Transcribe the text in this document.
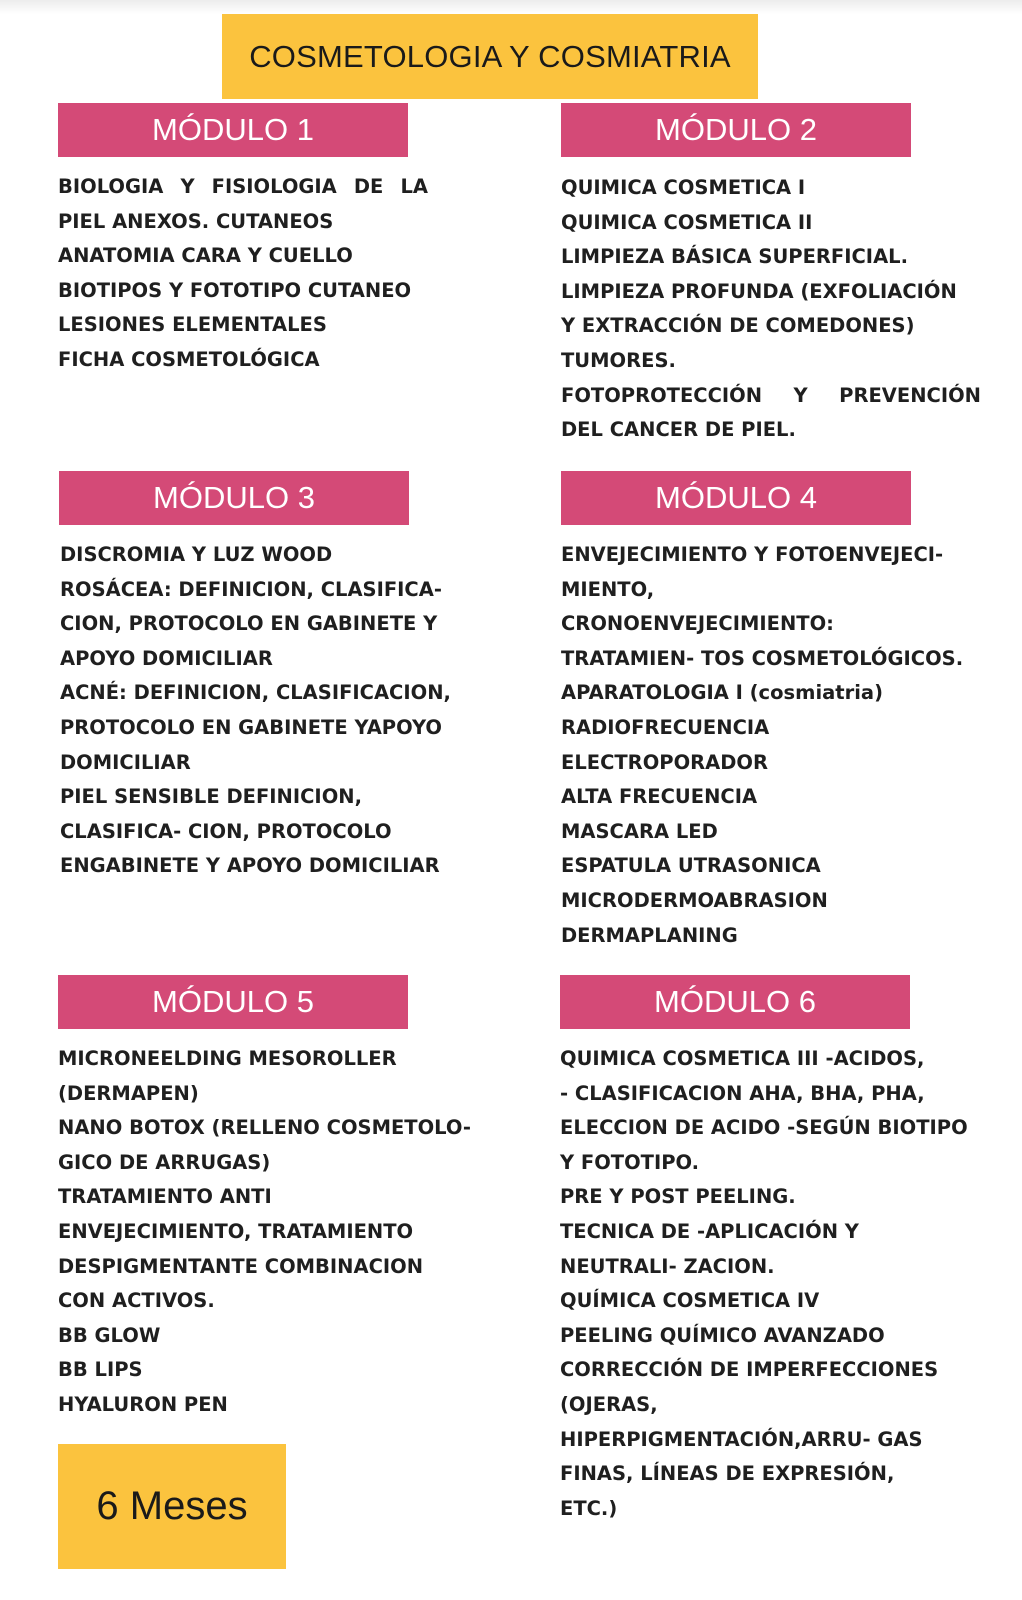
COSMETOLOGIA Y COSMIATRIA
MÓDULO 1
BIOLOGIA Y FISIOLOGIA DE LA
PIEL ANEXOS. CUTANEOS
ANATOMIA CARA Y CUELLO
BIOTIPOS Y FOTOTIPO CUTANEO
LESIONES ELEMENTALES
FICHA COSMETOLÓGICA
MÓDULO 2
QUIMICA COSMETICA I
QUIMICA COSMETICA II
LIMPIEZA BÁSICA SUPERFICIAL.
LIMPIEZA PROFUNDA (EXFOLIACIÓN
Y EXTRACCIÓN DE COMEDONES)
TUMORES.
FOTOPROTECCIÓN Y PREVENCIÓN
DEL CANCER DE PIEL.
MÓDULO 3
DISCROMIA Y LUZ WOOD
ROSÁCEA: DEFINICION, CLASIFICA-
CION, PROTOCOLO EN GABINETE Y
APOYO DOMICILIAR
ACNÉ: DEFINICION, CLASIFICACION,
PROTOCOLO EN GABINETE YAPOYO
DOMICILIAR
PIEL SENSIBLE DEFINICION,
CLASIFICA- CION, PROTOCOLO
ENGABINETE Y APOYO DOMICILIAR
MÓDULO 4
ENVEJECIMIENTO Y FOTOENVEJECI-
MIENTO,
CRONOENVEJECIMIENTO:
TRATAMIEN- TOS COSMETOLÓGICOS.
APARATOLOGIA I (cosmiatria)
RADIOFRECUENCIA
ELECTROPORADOR
ALTA FRECUENCIA
MASCARA LED
ESPATULA UTRASONICA
MICRODERMOABRASION
DERMAPLANING
MÓDULO 5
MICRONEELDING MESOROLLER
(DERMAPEN)
NANO BOTOX (RELLENO COSMETOLO-
GICO DE ARRUGAS)
TRATAMIENTO ANTI
ENVEJECIMIENTO, TRATAMIENTO
DESPIGMENTANTE COMBINACION
CON ACTIVOS.
BB GLOW
BB LIPS
HYALURON PEN
MÓDULO 6
QUIMICA COSMETICA III -ACIDOS,
- CLASIFICACION AHA, BHA, PHA,
ELECCION DE ACIDO -SEGÚN BIOTIPO
Y FOTOTIPO.
PRE Y POST PEELING.
TECNICA DE -APLICACIÓN Y
NEUTRALI- ZACION.
QUÍMICA COSMETICA IV
PEELING QUÍMICO AVANZADO
CORRECCIÓN DE IMPERFECCIONES
(OJERAS,
HIPERPIGMENTACIÓN,ARRU- GAS
FINAS, LÍNEAS DE EXPRESIÓN,
ETC.)
6 Meses
